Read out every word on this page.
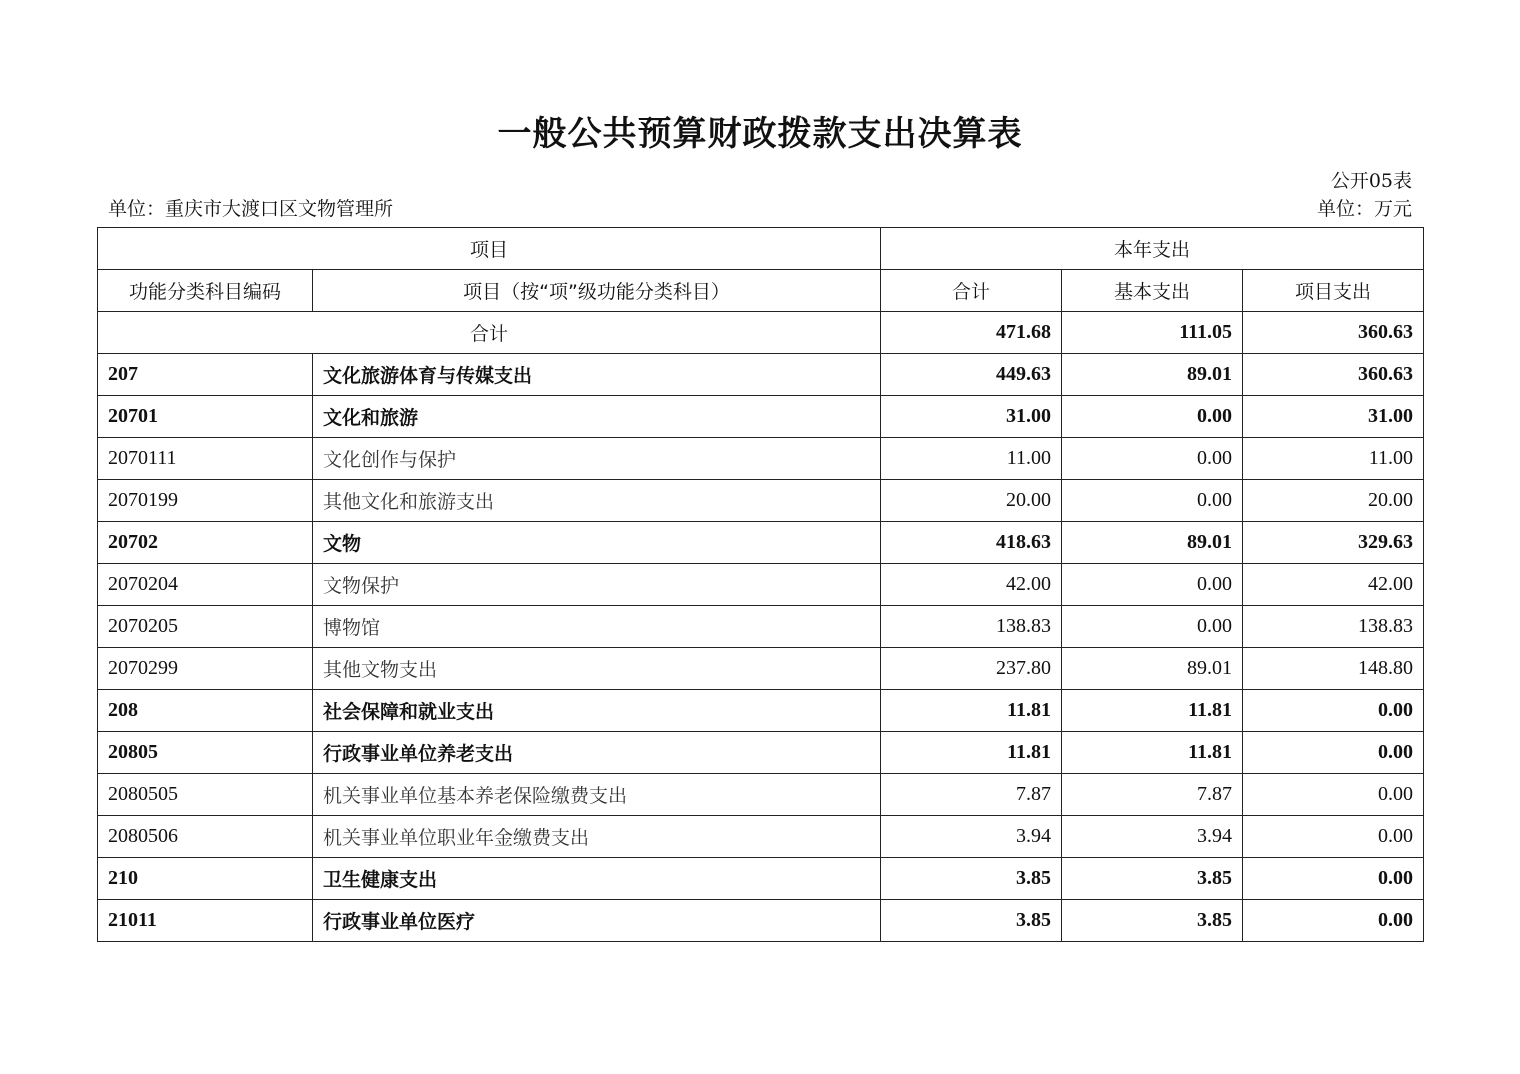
一般公共预算财政拨款支出决算表
公开05表
单位：重庆市大渡口区文物管理所	单位：万元
项目		本年支出		
功能分类科目编码	项目（按“项”级功能分类科目）	合计	基本支出	项目支出
合计		471.68	111.05	360.63
207	文化旅游体育与传媒支出	449.63	89.01	360.63
20701	文化和旅游	31.00	0.00	31.00
2070111	文化创作与保护	11.00	0.00	11.00
2070199	其他文化和旅游支出	20.00	0.00	20.00
20702	文物	418.63	89.01	329.63
2070204	文物保护	42.00	0.00	42.00
2070205	博物馆	138.83	0.00	138.83
2070299	其他文物支出	237.80	89.01	148.80
208	社会保障和就业支出	11.81	11.81	0.00
20805	行政事业单位养老支出	11.81	11.81	0.00
2080505	机关事业单位基本养老保险缴费支出	7.87	7.87	0.00
2080506	机关事业单位职业年金缴费支出	3.94	3.94	0.00
210	卫生健康支出	3.85	3.85	0.00
21011	行政事业单位医疗	3.85	3.85	0.00
